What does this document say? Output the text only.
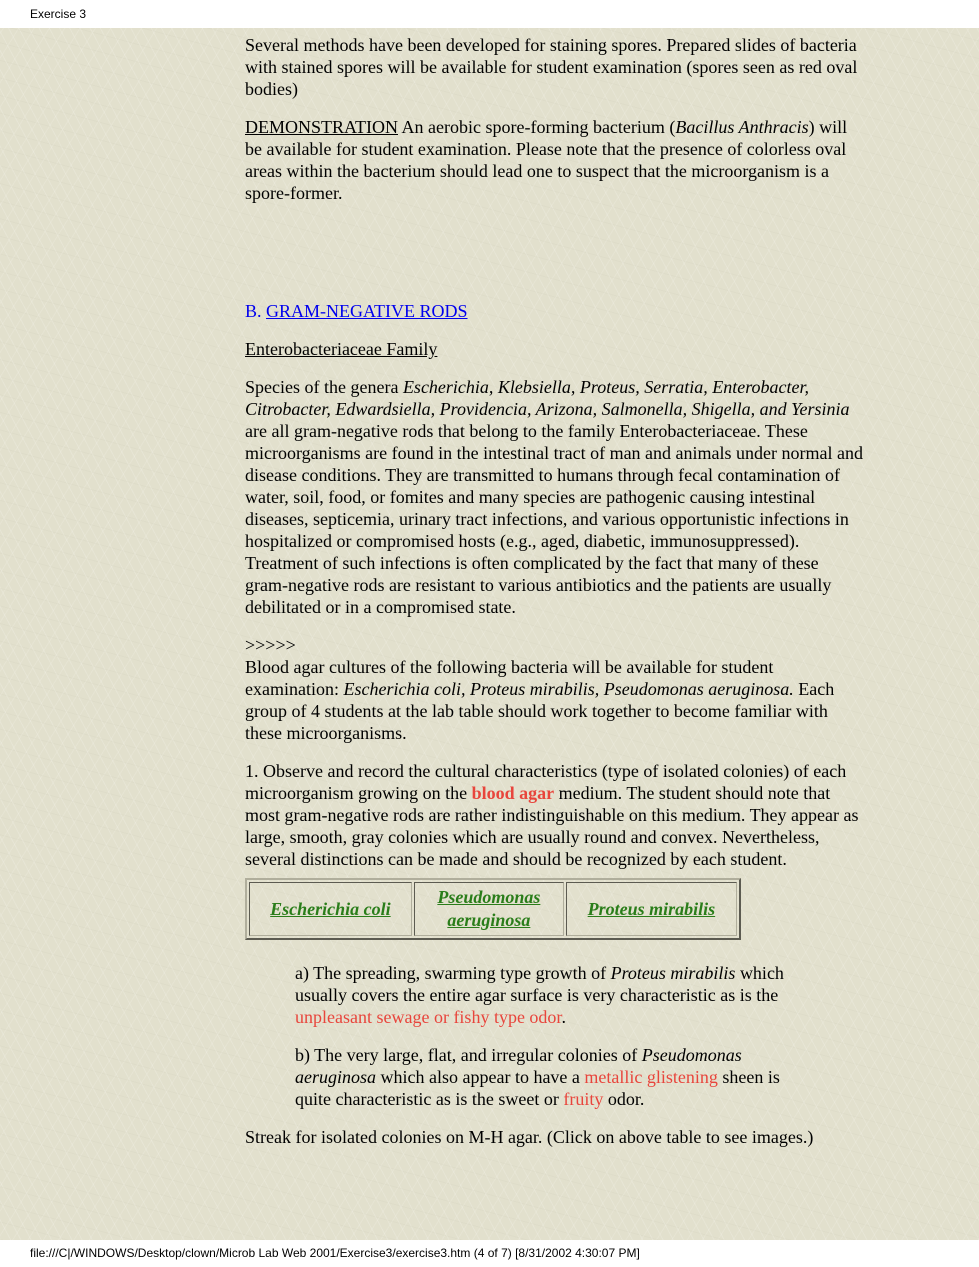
Exercise 3

Several methods have been developed for staining spores. Prepared slides of bacteria with stained spores will be available for student examination (spores seen as red oval bodies)

DEMONSTRATION An aerobic spore-forming bacterium (Bacillus Anthracis) will be available for student examination. Please note that the presence of colorless oval areas within the bacterium should lead one to suspect that the microorganism is a spore-former.

B. GRAM-NEGATIVE RODS

Enterobacteriaceae Family

Species of the genera Escherichia, Klebsiella, Proteus, Serratia, Enterobacter, Citrobacter, Edwardsiella, Providencia, Arizona, Salmonella, Shigella, and Yersinia are all gram-negative rods that belong to the family Enterobacteriaceae. These microorganisms are found in the intestinal tract of man and animals under normal and disease conditions. They are transmitted to humans through fecal contamination of water, soil, food, or fomites and many species are pathogenic causing intestinal diseases, septicemia, urinary tract infections, and various opportunistic infections in hospitalized or compromised hosts (e.g., aged, diabetic, immunosuppressed). Treatment of such infections is often complicated by the fact that many of these gram-negative rods are resistant to various antibiotics and the patients are usually debilitated or in a compromised state.

>>>>>
Blood agar cultures of the following bacteria will be available for student examination: Escherichia coli, Proteus mirabilis, Pseudomonas aeruginosa. Each group of 4 students at the lab table should work together to become familiar with these microorganisms.

1. Observe and record the cultural characteristics (type of isolated colonies) of each microorganism growing on the blood agar medium. The student should note that most gram-negative rods are rather indistinguishable on this medium. They appear as large, smooth, gray colonies which are usually round and convex. Nevertheless, several distinctions can be made and should be recognized by each student.

Escherichia coli	Pseudomonas aeruginosa	Proteus mirabilis

a) The spreading, swarming type growth of Proteus mirabilis which usually covers the entire agar surface is very characteristic as is the unpleasant sewage or fishy type odor.

b) The very large, flat, and irregular colonies of Pseudomonas aeruginosa which also appear to have a metallic glistening sheen is quite characteristic as is the sweet or fruity odor.

Streak for isolated colonies on M-H agar. (Click on above table to see images.)

file:///C|/WINDOWS/Desktop/clown/Microb Lab Web 2001/Exercise3/exercise3.htm (4 of 7) [8/31/2002 4:30:07 PM]
